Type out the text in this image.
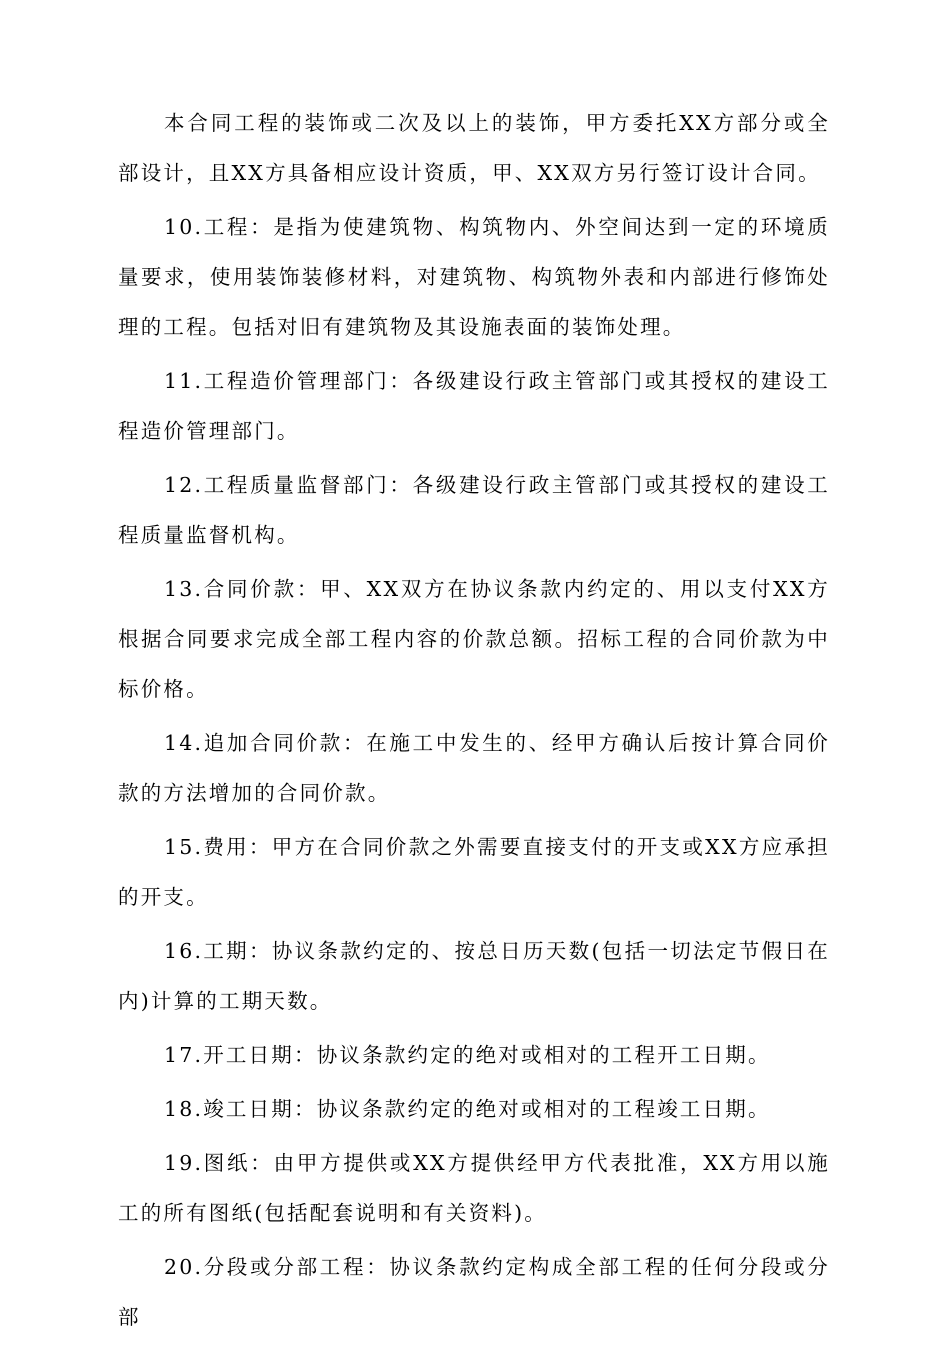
本合同工程的装饰或二次及以上的装饰，甲方委托XX方部分或全部设计，且XX方具备相应设计资质，甲、XX双方另行签订设计合同。

10.工程：是指为使建筑物、构筑物内、外空间达到一定的环境质量要求，使用装饰装修材料，对建筑物、构筑物外表和内部进行修饰处理的工程。包括对旧有建筑物及其设施表面的装饰处理。

11.工程造价管理部门：各级建设行政主管部门或其授权的建设工程造价管理部门。

12.工程质量监督部门：各级建设行政主管部门或其授权的建设工程质量监督机构。

13.合同价款：甲、XX双方在协议条款内约定的、用以支付XX方根据合同要求完成全部工程内容的价款总额。招标工程的合同价款为中标价格。

14.追加合同价款：在施工中发生的、经甲方确认后按计算合同价款的方法增加的合同价款。

15.费用：甲方在合同价款之外需要直接支付的开支或XX方应承担的开支。

16.工期：协议条款约定的、按总日历天数(包括一切法定节假日在内)计算的工期天数。

17.开工日期：协议条款约定的绝对或相对的工程开工日期。

18.竣工日期：协议条款约定的绝对或相对的工程竣工日期。

19.图纸：由甲方提供或XX方提供经甲方代表批准，XX方用以施工的所有图纸(包括配套说明和有关资料)。

20.分段或分部工程：协议条款约定构成全部工程的任何分段或分部
